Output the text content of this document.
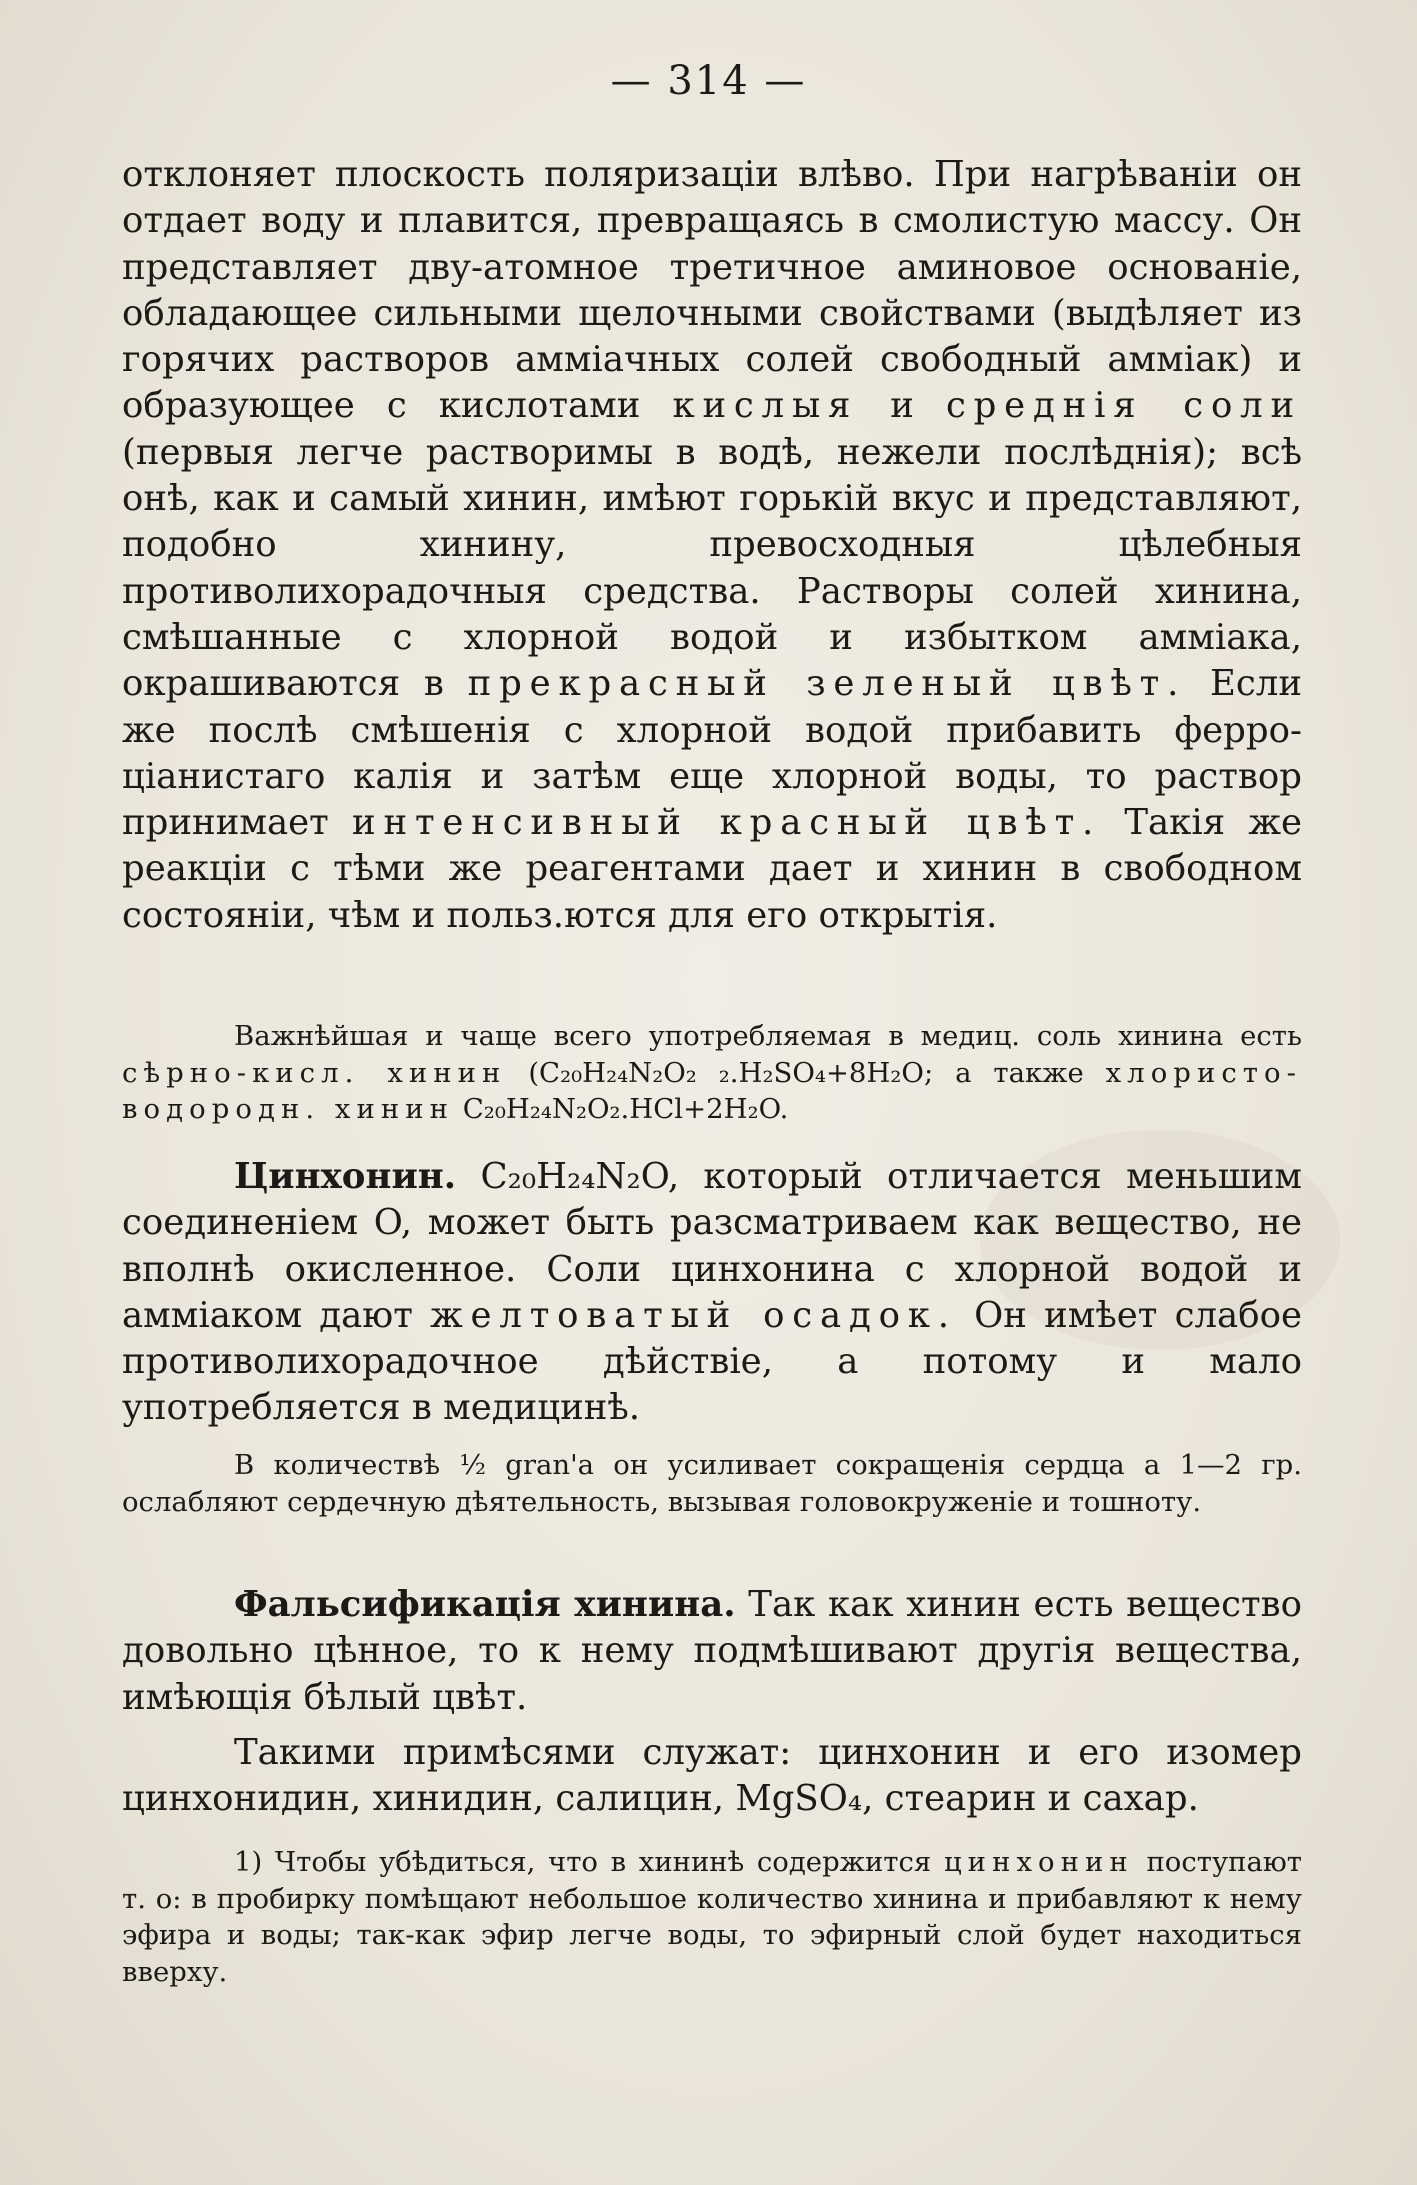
— 314 —

отклоняет плоскость поляризаціи влѣво. При нагрѣваніи он отдает воду и плавится, превращаясь в смолистую массу. Он представляет дву-атомное третичное аминовое основаніе, обладающее сильными щелочными свойствами (выдѣляет из горячих растворов амміачных солей свободный амміак) и образующее с кислотами кислыя и среднія соли (первыя легче растворимы в водѣ, нежели послѣднія); всѣ онѣ, как и самый хинин, имѣют горькій вкус и представляют, подобно хинину, превосходныя цѣлебныя противолихорадочныя средства. Растворы солей хинина, смѣшанные с хлорной водой и избытком амміака, окрашиваются в прекрасный зеленый цвѣт. Если же послѣ смѣшенія с хлорной водой прибавить ферро-ціанистаго калія и затѣм еще хлорной воды, то раствор принимает интенсивный красный цвѣт. Такія же реакціи с тѣми же реагентами дает и хинин в свободном состояніи, чѣм и польз.ются для его открытія.

Важнѣйшая и чаще всего употребляемая в медиц. соль хинина есть сѣрно-кисл. хинин (C₂₀H₂₄N₂O₂ ₂.H₂SO₄+8H₂O; а также хлористо-водородн. хинин C₂₀H₂₄N₂O₂.HCl+2H₂O.

Цинхонин. C₂₀H₂₄N₂O, который отличается меньшим соединеніем O, может быть разсматриваем как вещество, не вполнѣ окисленное. Соли цинхонина с хлорной водой и амміаком дают желтоватый осадок. Он имѣет слабое противолихорадочное дѣйствіе, а потому и мало употребляется в медицинѣ.

В количествѣ ½ gran'а он усиливает сокращенія сердца а 1—2 гр. ослабляют сердечную дѣятельность, вызывая головокруженіе и тошноту.

Фальсификація хинина. Так как хинин есть вещество довольно цѣнное, то к нему подмѣшивают другія вещества, имѣющія бѣлый цвѣт.

Такими примѣсями служат: цинхонин и его изомер цинхонидин, хинидин, салицин, MgSO₄, стеарин и сахар.

1) Чтобы убѣдиться, что в хининѣ содержится цинхонин поступают т. о: в пробирку помѣщают небольшое количество хинина и прибавляют к нему эфира и воды; так-как эфир легче воды, то эфирный слой будет находиться вверху.
